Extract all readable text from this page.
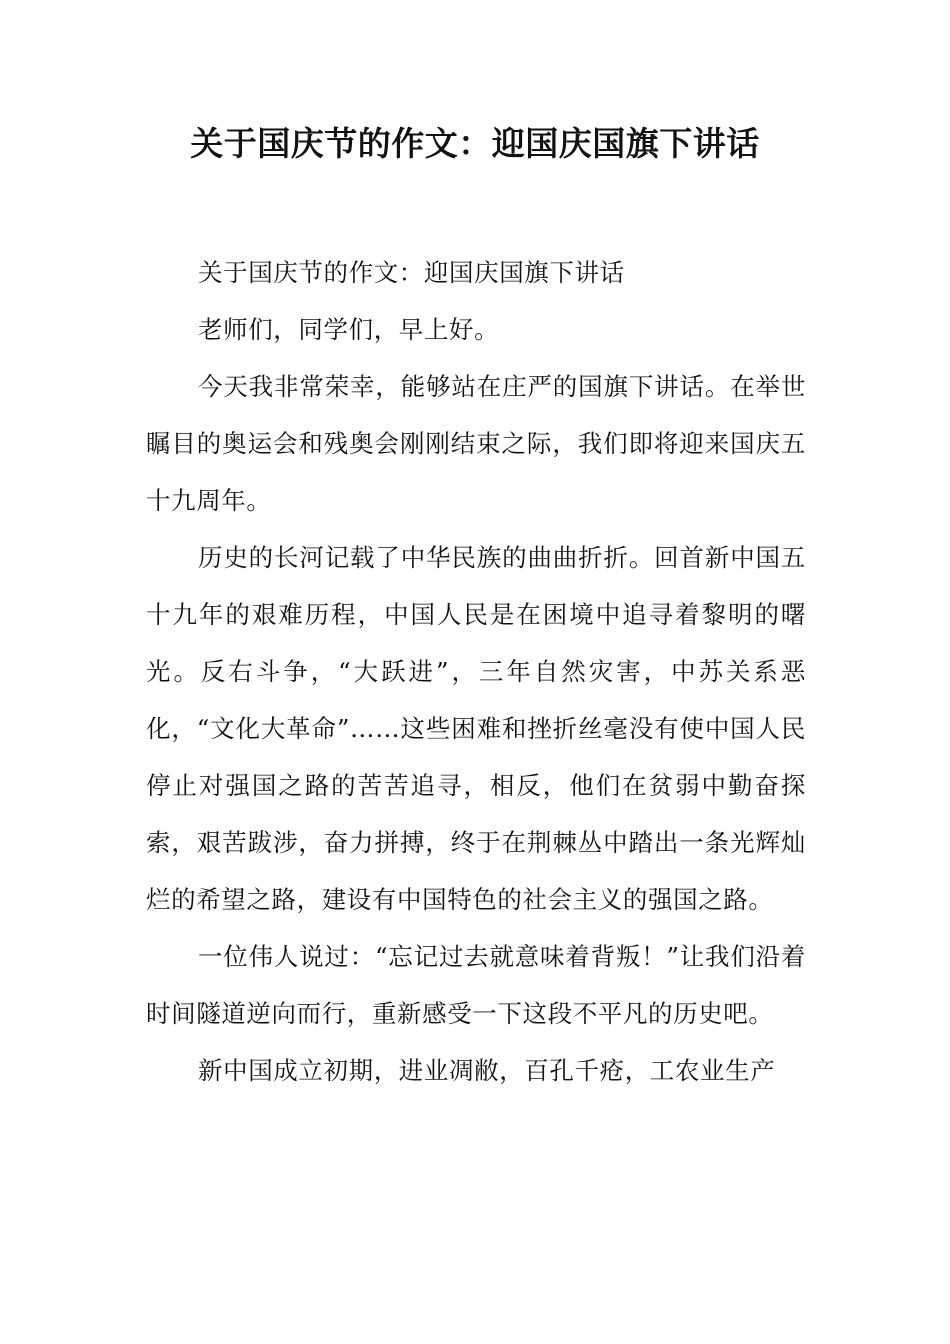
关于国庆节的作文：迎国庆国旗下讲话

关于国庆节的作文：迎国庆国旗下讲话

老师们，同学们，早上好。

今天我非常荣幸，能够站在庄严的国旗下讲话。在举世瞩目的奥运会和残奥会刚刚结束之际，我们即将迎来国庆五十九周年。

历史的长河记载了中华民族的曲曲折折。回首新中国五十九年的艰难历程，中国人民是在困境中追寻着黎明的曙光。反右斗争，“大跃进”，三年自然灾害，中苏关系恶化，“文化大革命”……这些困难和挫折丝毫没有使中国人民停止对强国之路的苦苦追寻，相反，他们在贫弱中勤奋探索，艰苦跋涉，奋力拼搏，终于在荆棘丛中踏出一条光辉灿烂的希望之路，建设有中国特色的社会主义的强国之路。

一位伟人说过：“忘记过去就意味着背叛！”让我们沿着时间隧道逆向而行，重新感受一下这段不平凡的历史吧。

新中国成立初期，进业凋敝，百孔千疮，工农业生产
